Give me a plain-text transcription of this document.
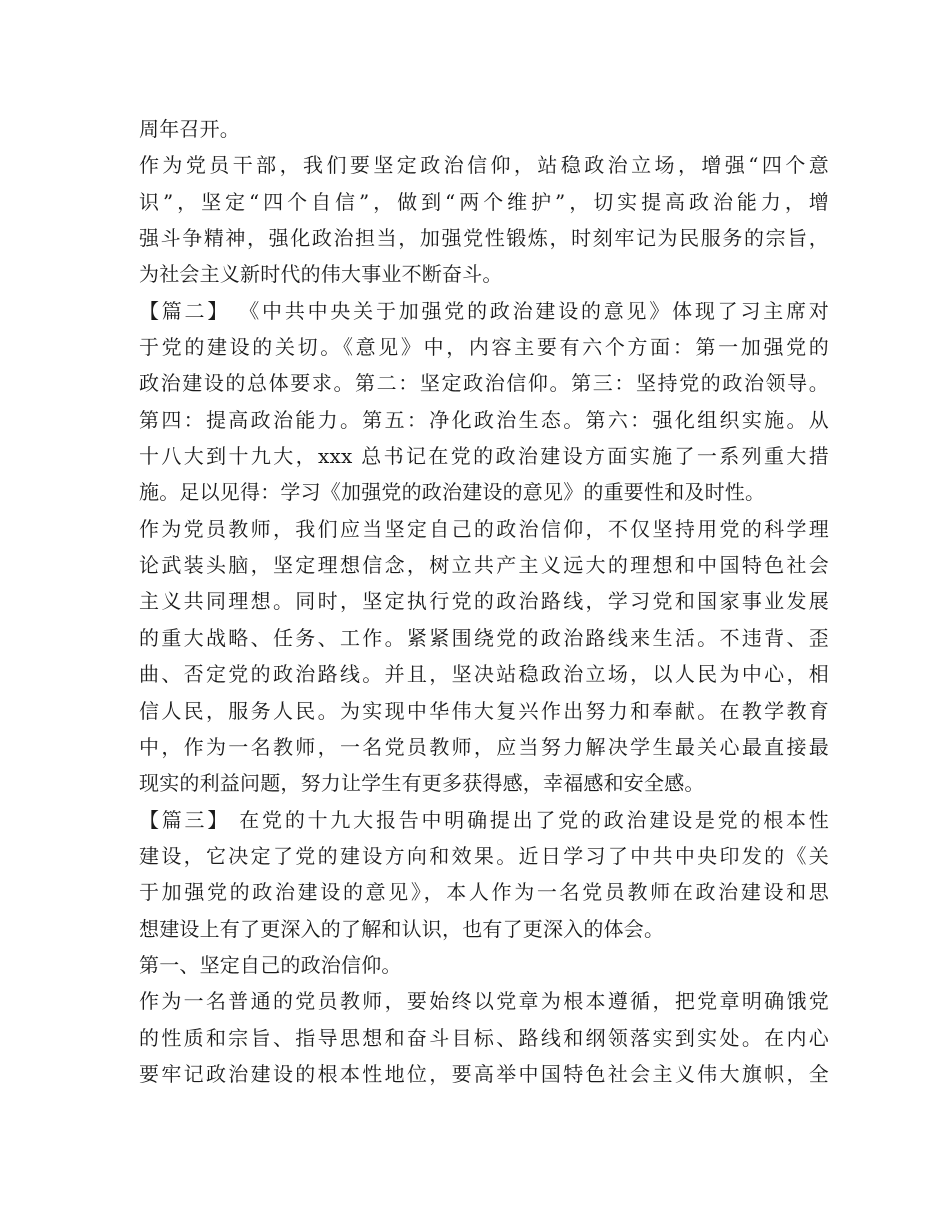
周年召开。
作为党员干部，我们要坚定政治信仰，站稳政治立场，增强“四个意
识”，坚定“四个自信”，做到“两个维护”，切实提高政治能力，增
强斗争精神，强化政治担当，加强党性锻炼，时刻牢记为民服务的宗旨，
为社会主义新时代的伟大事业不断奋斗。
【篇二】 《中共中央关于加强党的政治建设的意见》体现了习主席对
于党的建设的关切。《意见》中，内容主要有六个方面：第一加强党的
政治建设的总体要求。第二：坚定政治信仰。第三：坚持党的政治领导。
第四：提高政治能力。第五：净化政治生态。第六：强化组织实施。从
十八大到十九大，xxx 总书记在党的政治建设方面实施了一系列重大措
施。足以见得：学习《加强党的政治建设的意见》的重要性和及时性。
作为党员教师，我们应当坚定自己的政治信仰，不仅坚持用党的科学理
论武装头脑，坚定理想信念，树立共产主义远大的理想和中国特色社会
主义共同理想。同时，坚定执行党的政治路线，学习党和国家事业发展
的重大战略、任务、工作。紧紧围绕党的政治路线来生活。不违背、歪
曲、否定党的政治路线。并且，坚决站稳政治立场，以人民为中心，相
信人民，服务人民。为实现中华伟大复兴作出努力和奉献。在教学教育
中，作为一名教师，一名党员教师，应当努力解决学生最关心最直接最
现实的利益问题，努力让学生有更多获得感，幸福感和安全感。
【篇三】 在党的十九大报告中明确提出了党的政治建设是党的根本性
建设，它决定了党的建设方向和效果。近日学习了中共中央印发的《关
于加强党的政治建设的意见》，本人作为一名党员教师在政治建设和思
想建设上有了更深入的了解和认识，也有了更深入的体会。
第一、坚定自己的政治信仰。
作为一名普通的党员教师，要始终以党章为根本遵循，把党章明确饿党
的性质和宗旨、指导思想和奋斗目标、路线和纲领落实到实处。在内心
要牢记政治建设的根本性地位，要高举中国特色社会主义伟大旗帜，全
